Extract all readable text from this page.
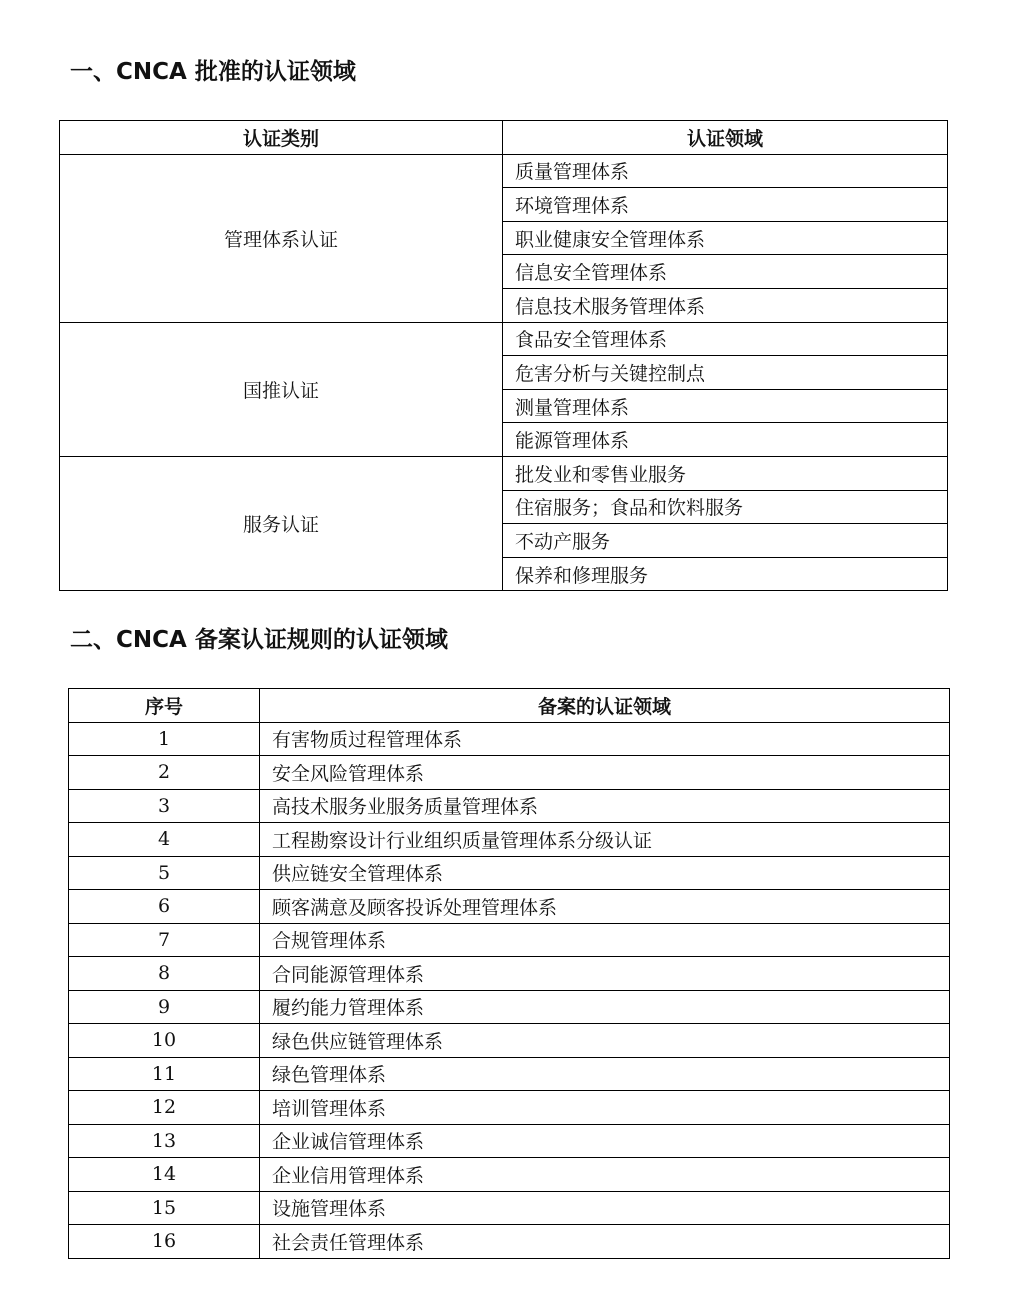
一、CNCA 批准的认证领域
认证类别	认证领域
管理体系认证	质量管理体系
	环境管理体系
	职业健康安全管理体系
	信息安全管理体系
	信息技术服务管理体系
国推认证	食品安全管理体系
	危害分析与关键控制点
	测量管理体系
	能源管理体系
服务认证	批发业和零售业服务
	住宿服务；食品和饮料服务
	不动产服务
	保养和修理服务
二、CNCA 备案认证规则的认证领域
序号	备案的认证领域
1	有害物质过程管理体系
2	安全风险管理体系
3	高技术服务业服务质量管理体系
4	工程勘察设计行业组织质量管理体系分级认证
5	供应链安全管理体系
6	顾客满意及顾客投诉处理管理体系
7	合规管理体系
8	合同能源管理体系
9	履约能力管理体系
10	绿色供应链管理体系
11	绿色管理体系
12	培训管理体系
13	企业诚信管理体系
14	企业信用管理体系
15	设施管理体系
16	社会责任管理体系
